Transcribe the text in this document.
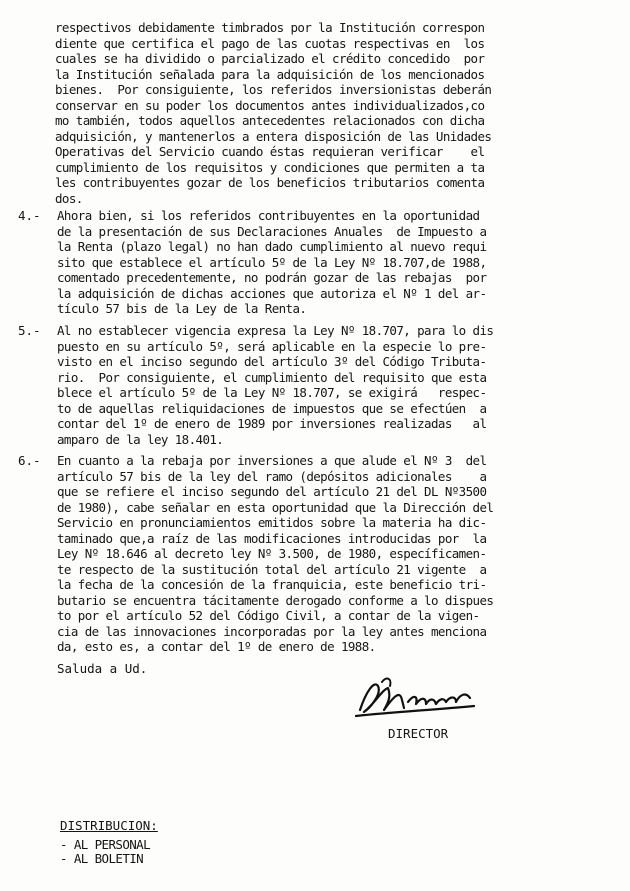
respectivos debidamente timbrados por la Institución correspon
diente que certifica el pago de las cuotas respectivas en  los
cuales se ha dividido o parcializado el crédito concedido  por
la Institución señalada para la adquisición de los mencionados
bienes.  Por consiguiente, los referidos inversionistas deberán
conservar en su poder los documentos antes individualizados,co
mo también, todos aquellos antecedentes relacionados con dicha
adquisición, y mantenerlos a entera disposición de las Unidades
Operativas del Servicio cuando éstas requieran verificar    el
cumplimiento de los requisitos y condiciones que permiten a ta
les contribuyentes gozar de los beneficios tributarios comenta
dos.
4.- Ahora bien, si los referidos contribuyentes en la oportunidad
de la presentación de sus Declaraciones Anuales  de Impuesto a
la Renta (plazo legal) no han dado cumplimiento al nuevo requi
sito que establece el artículo 5º de la Ley Nº 18.707,de 1988,
comentado precedentemente, no podrán gozar de las rebajas  por
la adquisición de dichas acciones que autoriza el Nº 1 del ar-
tículo 57 bis de la Ley de la Renta.
5.- Al no establecer vigencia expresa la Ley Nº 18.707, para lo dis
puesto en su artículo 5º, será aplicable en la especie lo pre-
visto en el inciso segundo del artículo 3º del Código Tributa-
rio.  Por consiguiente, el cumplimiento del requisito que esta
blece el artículo 5º de la Ley Nº 18.707, se exigirá   respec-
to de aquellas reliquidaciones de impuestos que se efectúen  a
contar del 1º de enero de 1989 por inversiones realizadas   al
amparo de la ley 18.401.
6.- En cuanto a la rebaja por inversiones a que alude el Nº 3  del
artículo 57 bis de la ley del ramo (depósitos adicionales    a
que se refiere el inciso segundo del artículo 21 del DL Nº3500
de 1980), cabe señalar en esta oportunidad que la Dirección del
Servicio en pronunciamientos emitidos sobre la materia ha dic-
taminado que,a raíz de las modificaciones introducidas por  la
Ley Nº 18.646 al decreto ley Nº 3.500, de 1980, específicamen-
te respecto de la sustitución total del artículo 21 vigente  a
la fecha de la concesión de la franquicia, este beneficio tri-
butario se encuentra tácitamente derogado conforme a lo dispues
to por el artículo 52 del Código Civil, a contar de la vigen-
cia de las innovaciones incorporadas por la ley antes menciona
da, esto es, a contar del 1º de enero de 1988.
Saluda a Ud.
DIRECTOR
DISTRIBUCION:
- AL PERSONAL
- AL BOLETIN
